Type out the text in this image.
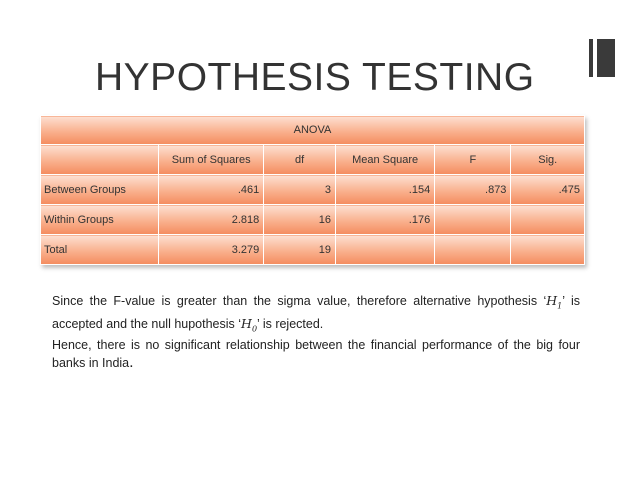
HYPOTHESIS TESTING
ANOVA					
	Sum of Squares	df	Mean Square	F	Sig.
Between Groups	.461	3	.154	.873	.475
Within Groups	2.818	16	.176		
Total	3.279	19			

Since the F-value is greater than the sigma value, therefore alternative hypothesis ‘$H_1$’ is accepted and the null hupothesis ‘$H_0$’ is rejected.

Hence, there is no significant relationship between the financial performance of the big four banks in India.
